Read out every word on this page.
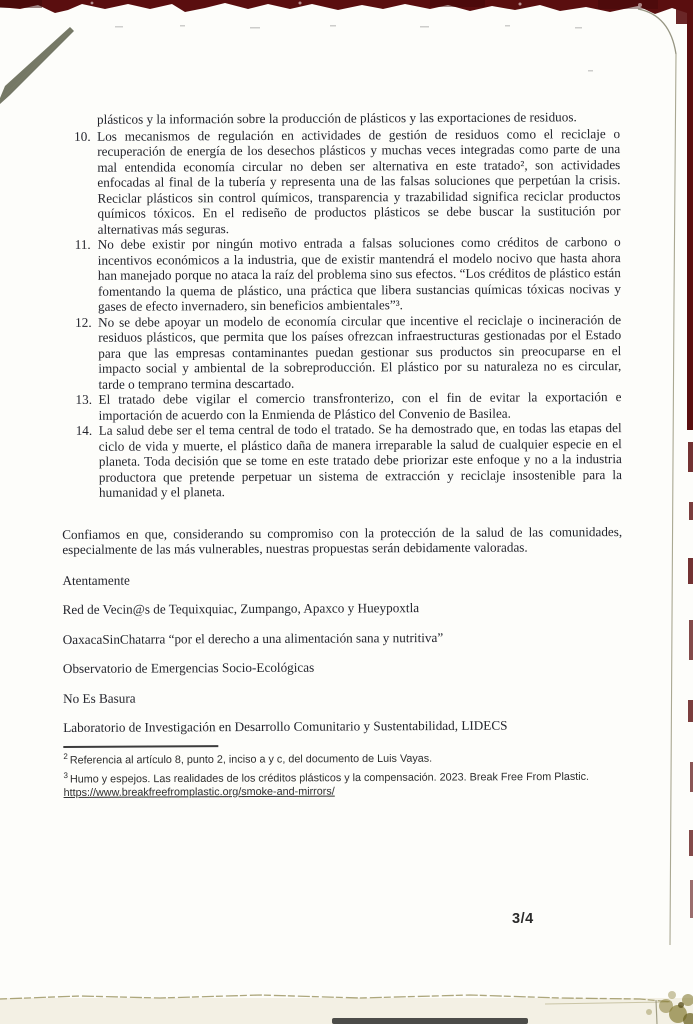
plásticos y la información sobre la producción de plásticos y las exportaciones de residuos.

10. Los mecanismos de regulación en actividades de gestión de residuos como el reciclaje o recuperación de energía de los desechos plásticos y muchas veces integradas como parte de una mal entendida economía circular no deben ser alternativa en este tratado², son actividades enfocadas al final de la tubería y representa una de las falsas soluciones que perpetúan la crisis. Reciclar plásticos sin control químicos, transparencia y trazabilidad significa reciclar productos químicos tóxicos. En el rediseño de productos plásticos se debe buscar la sustitución por alternativas más seguras.
11. No debe existir por ningún motivo entrada a falsas soluciones como créditos de carbono o incentivos económicos a la industria, que de existir mantendrá el modelo nocivo que hasta ahora han manejado porque no ataca la raíz del problema sino sus efectos. “Los créditos de plástico están fomentando la quema de plástico, una práctica que libera sustancias químicas tóxicas nocivas y gases de efecto invernadero, sin beneficios ambientales”³.
12. No se debe apoyar un modelo de economía circular que incentive el reciclaje o incineración de residuos plásticos, que permita que los países ofrezcan infraestructuras gestionadas por el Estado para que las empresas contaminantes puedan gestionar sus productos sin preocuparse en el impacto social y ambiental de la sobreproducción. El plástico por su naturaleza no es circular, tarde o temprano termina descartado.
13. El tratado debe vigilar el comercio transfronterizo, con el fin de evitar la exportación e importación de acuerdo con la Enmienda de Plástico del Convenio de Basilea.
14. La salud debe ser el tema central de todo el tratado. Se ha demostrado que, en todas las etapas del ciclo de vida y muerte, el plástico daña de manera irreparable la salud de cualquier especie en el planeta. Toda decisión que se tome en este tratado debe priorizar este enfoque y no a la industria productora que pretende perpetuar un sistema de extracción y reciclaje insostenible para la humanidad y el planeta.

Confiamos en que, considerando su compromiso con la protección de la salud de las comunidades, especialmente de las más vulnerables, nuestras propuestas serán debidamente valoradas.

Atentamente

Red de Vecin@s de Tequixquiac, Zumpango, Apaxco y Hueypoxtla

OaxacaSinChatarra “por el derecho a una alimentación sana y nutritiva”

Observatorio de Emergencias Socio-Ecológicas

No Es Basura

Laboratorio de Investigación en Desarrollo Comunitario y Sustentabilidad, LIDECS

$^2$ Referencia al artículo 8, punto 2, inciso a y c, del documento de Luis Vayas.

$^3$ Humo y espejos. Las realidades de los créditos plásticos y la compensación. 2023. Break Free From Plastic. https://www.breakfreefromplastic.org/smoke-and-mirrors/

3/4
